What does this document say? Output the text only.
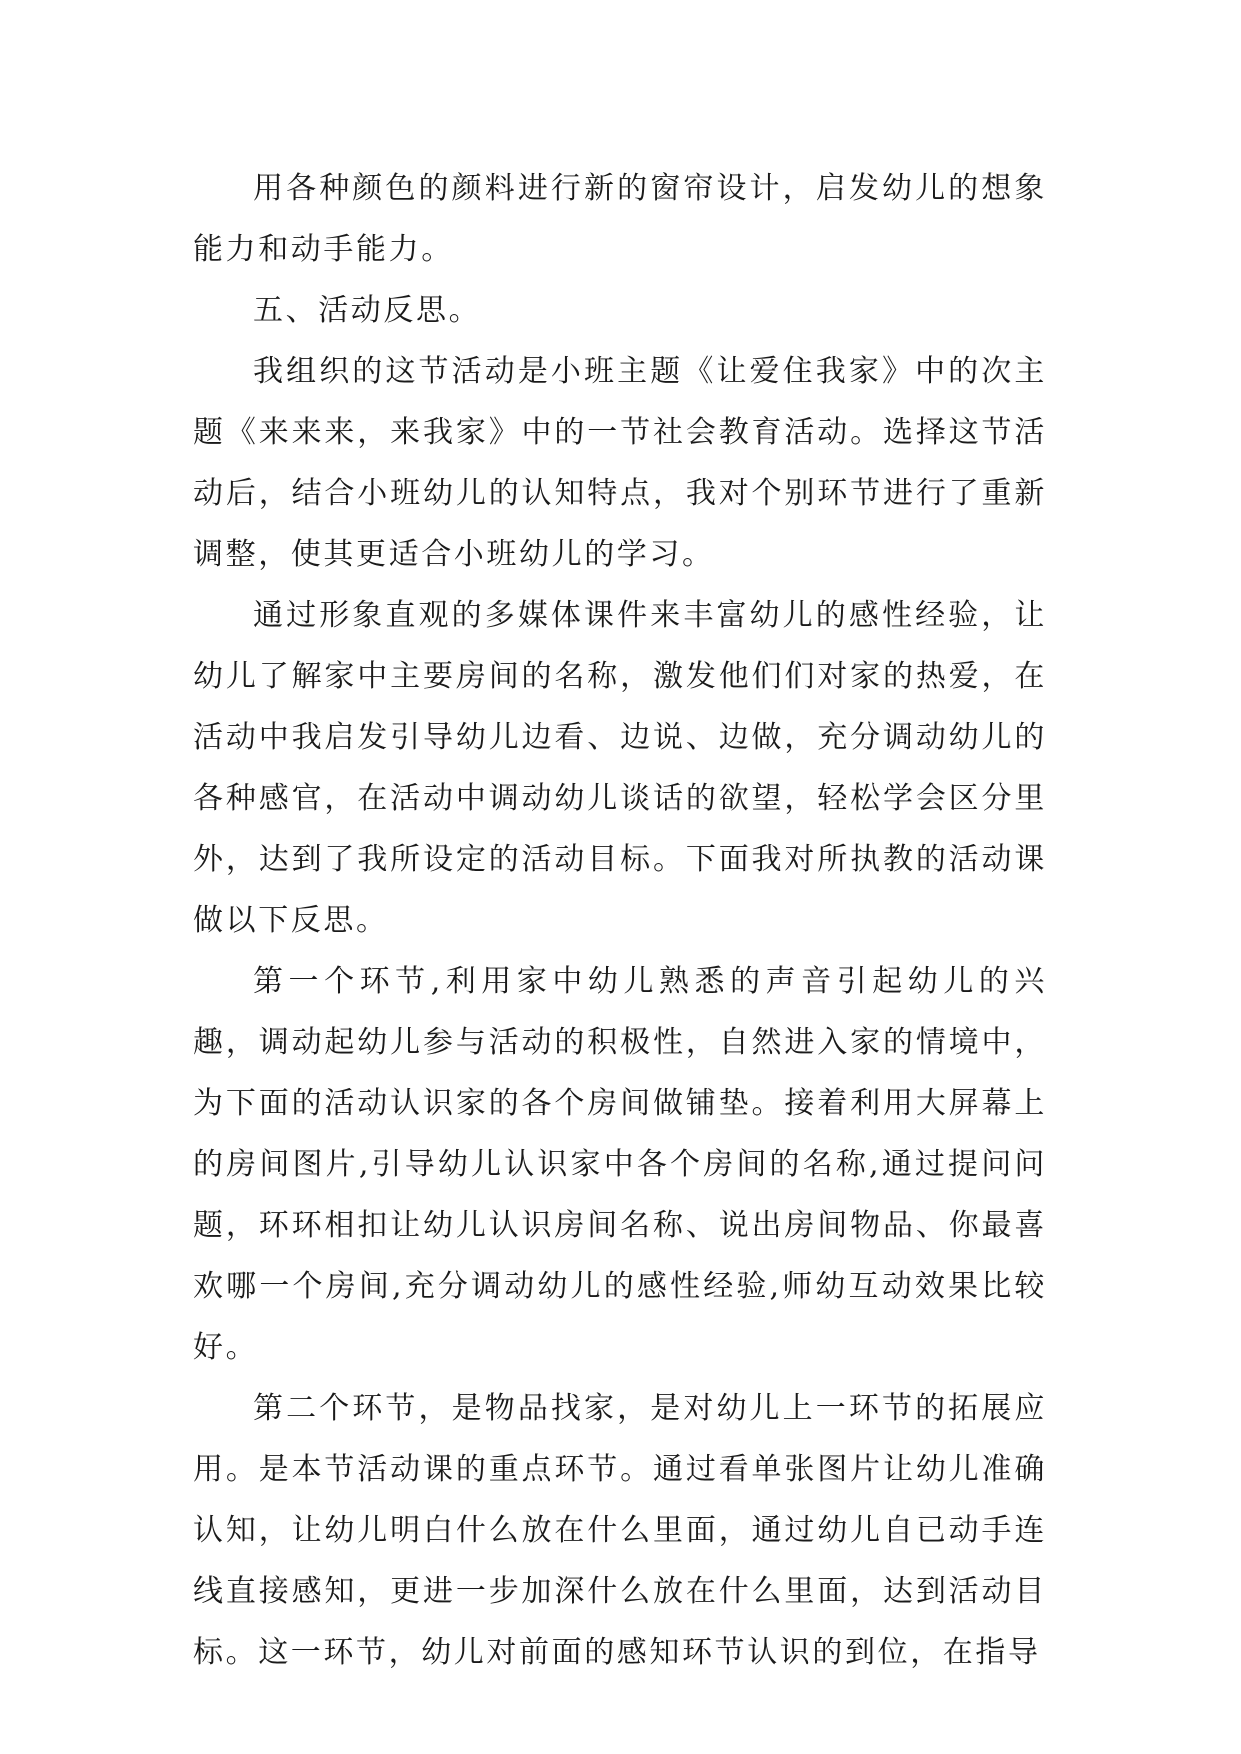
用各种颜色的颜料进行新的窗帘设计，启发幼儿的想象能力和动手能力。

五、活动反思。

我组织的这节活动是小班主题《让爱住我家》中的次主题《来来来，来我家》中的一节社会教育活动。选择这节活动后，结合小班幼儿的认知特点，我对个别环节进行了重新调整，使其更适合小班幼儿的学习。

通过形象直观的多媒体课件来丰富幼儿的感性经验，让幼儿了解家中主要房间的名称，激发他们们对家的热爱，在活动中我启发引导幼儿边看、边说、边做，充分调动幼儿的各种感官，在活动中调动幼儿谈话的欲望，轻松学会区分里外，达到了我所设定的活动目标。下面我对所执教的活动课做以下反思。

第一个环节,利用家中幼儿熟悉的声音引起幼儿的兴趣，调动起幼儿参与活动的积极性，自然进入家的情境中，为下面的活动认识家的各个房间做铺垫。接着利用大屏幕上的房间图片,引导幼儿认识家中各个房间的名称,通过提问问题，环环相扣让幼儿认识房间名称、说出房间物品、你最喜欢哪一个房间,充分调动幼儿的感性经验,师幼互动效果比较好。

第二个环节，是物品找家，是对幼儿上一环节的拓展应用。是本节活动课的重点环节。通过看单张图片让幼儿准确认知，让幼儿明白什么放在什么里面，通过幼儿自已动手连线直接感知，更进一步加深什么放在什么里面，达到活动目标。这一环节，幼儿对前面的感知环节认识的到位，在指导
